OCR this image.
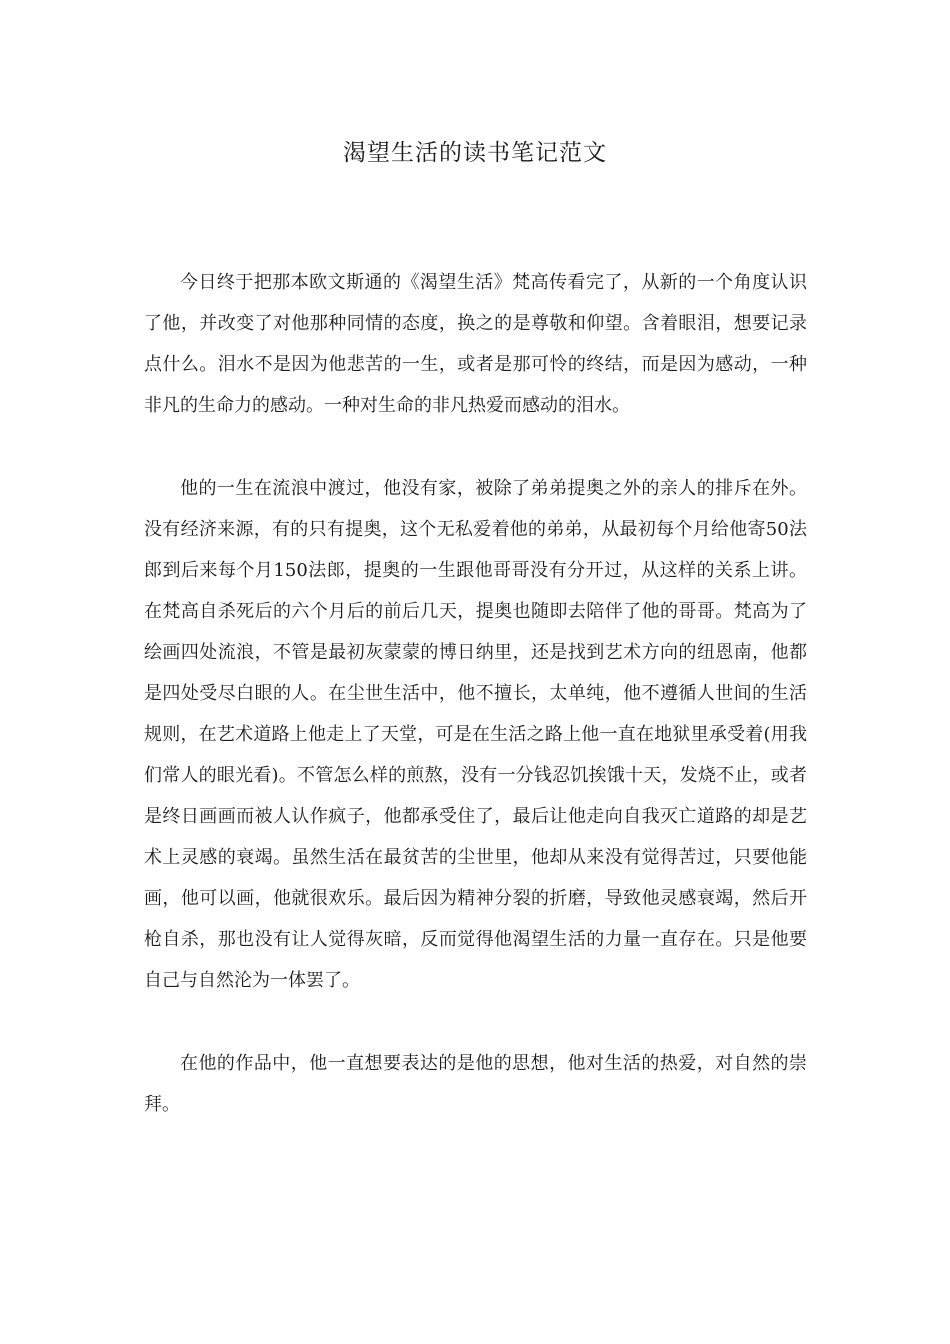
渴望生活的读书笔记范文

今日终于把那本欧文斯通的《渴望生活》梵高传看完了，从新的一个角度认识了他，并改变了对他那种同情的态度，换之的是尊敬和仰望。含着眼泪，想要记录点什么。泪水不是因为他悲苦的一生，或者是那可怜的终结，而是因为感动，一种非凡的生命力的感动。一种对生命的非凡热爱而感动的泪水。

他的一生在流浪中渡过，他没有家，被除了弟弟提奥之外的亲人的排斥在外。没有经济来源，有的只有提奥，这个无私爱着他的弟弟，从最初每个月给他寄50法郎到后来每个月150法郎，提奥的一生跟他哥哥没有分开过，从这样的关系上讲。在梵高自杀死后的六个月后的前后几天，提奥也随即去陪伴了他的哥哥。梵高为了绘画四处流浪，不管是最初灰蒙蒙的博日纳里，还是找到艺术方向的纽恩南，他都是四处受尽白眼的人。在尘世生活中，他不擅长，太单纯，他不遵循人世间的生活规则，在艺术道路上他走上了天堂，可是在生活之路上他一直在地狱里承受着(用我们常人的眼光看)。不管怎么样的煎熬，没有一分钱忍饥挨饿十天，发烧不止，或者是终日画画而被人认作疯子，他都承受住了，最后让他走向自我灭亡道路的却是艺术上灵感的衰竭。虽然生活在最贫苦的尘世里，他却从来没有觉得苦过，只要他能画，他可以画，他就很欢乐。最后因为精神分裂的折磨，导致他灵感衰竭，然后开枪自杀，那也没有让人觉得灰暗，反而觉得他渴望生活的力量一直存在。只是他要自己与自然沦为一体罢了。

在他的作品中，他一直想要表达的是他的思想，他对生活的热爱，对自然的崇拜。
